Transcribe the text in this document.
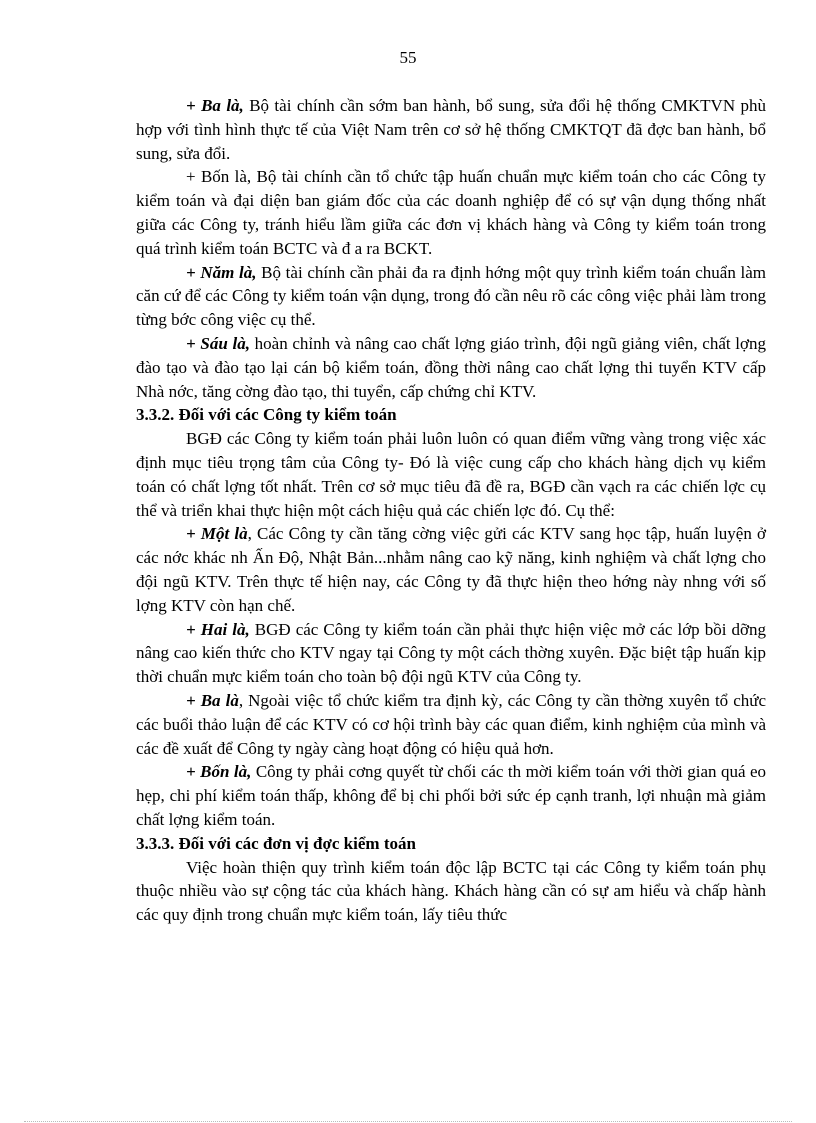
55

+ Ba là, Bộ tài chính cần sớm ban hành, bổ sung, sửa đổi hệ thống CMKTVN phù hợp với tình hình thực tế của Việt Nam trên cơ sở hệ thống CMKTQT đã đợc ban hành, bổ sung, sửa đổi.

+ Bốn là, Bộ tài chính cần tổ chức tập huấn chuẩn mực kiểm toán cho các Công ty kiểm toán và đại diện ban giám đốc của các doanh nghiệp để có sự vận dụng thống nhất giữa các Công ty, tránh hiểu lầm giữa các đơn vị khách hàng và Công ty kiểm toán trong quá trình kiểm toán BCTC và đ a ra BCKT.

+ Năm là, Bộ tài chính cần phải đa ra định hớng một quy trình kiểm toán chuẩn làm căn cứ để các Công ty kiểm toán vận dụng, trong đó cần nêu rõ các công việc phải làm trong từng bớc công việc cụ thể.

+ Sáu là, hoàn chỉnh và nâng cao chất lợng giáo trình, đội ngũ giảng viên, chất lợng đào tạo và đào tạo lại cán bộ kiểm toán, đồng thời nâng cao chất lợng thi tuyển KTV cấp Nhà nớc, tăng cờng đào tạo, thi tuyển, cấp chứng chỉ KTV.

3.3.2. Đối với các Công ty kiểm toán

BGĐ các Công ty kiểm toán phải luôn luôn có quan điểm vững vàng trong việc xác định mục tiêu trọng tâm của Công ty- Đó là việc cung cấp cho khách hàng dịch vụ kiểm toán có chất lợng tốt nhất. Trên cơ sở mục tiêu đã đề ra, BGĐ cần vạch ra các chiến lợc cụ thể và triển khai thực hiện một cách hiệu quả các chiến lợc đó. Cụ thể:

+ Một là, Các Công ty cần tăng cờng việc gửi các KTV sang học tập, huấn luyện ở các nớc khác nh Ấn Độ, Nhật Bản...nhằm nâng cao kỹ năng, kinh nghiệm và chất lợng cho đội ngũ KTV. Trên thực tế hiện nay, các Công ty đã thực hiện theo hớng này nhng với số lợng KTV còn hạn chế.

+ Hai là, BGĐ các Công ty kiểm toán cần phải thực hiện việc mở các lớp bồi dỡng nâng cao kiến thức cho KTV ngay tại Công ty một cách thờng xuyên. Đặc biệt tập huấn kịp thời chuẩn mực kiểm toán cho toàn bộ đội ngũ KTV của Công ty.

+ Ba là, Ngoài việc tổ chức kiểm tra định kỳ, các Công ty cần thờng xuyên tổ chức các buổi thảo luận để các KTV có cơ hội trình bày các quan điểm, kinh nghiệm của mình và các đề xuất để Công ty ngày càng hoạt động có hiệu quả hơn.

+ Bốn là, Công ty phải cơng quyết từ chối các th mời kiểm toán với thời gian quá eo hẹp, chi phí kiểm toán thấp, không để bị chi phối bởi sức ép cạnh tranh, lợi nhuận mà giảm chất lợng kiểm toán.

3.3.3. Đối với các đơn vị đợc kiểm toán

Việc hoàn thiện quy trình kiểm toán độc lập BCTC tại các Công ty kiểm toán phụ thuộc nhiều vào sự cộng tác của khách hàng. Khách hàng cần có sự am hiểu và chấp hành các quy định trong chuẩn mực kiểm toán, lấy tiêu thức
